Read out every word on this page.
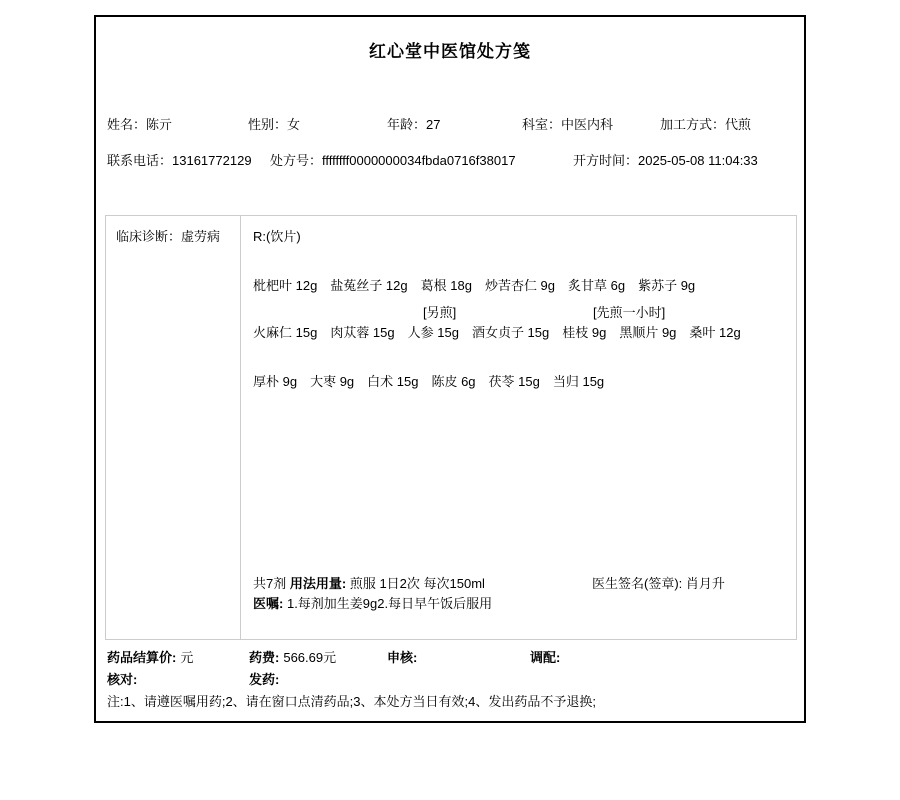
红心堂中医馆处方笺
姓名：陈亓	性别：女	年龄：27	科室：中医内科	加工方式：代煎
联系电话：13161772129 处方号：ffffffff0000000034fbda0716f38017	开方时间：2025-05-08 11:04:33
临床诊断：虚劳病	R:(饮片)
枇杷叶 12g 盐菟丝子 12g 葛根 18g 炒苦杏仁 9g 炙甘草 6g 紫苏子 9g
[另煎]	[先煎一小时]
火麻仁 15g 肉苁蓉 15g 人参 15g 酒女贞子 15g 桂枝 9g 黑顺片 9g 桑叶 12g
厚朴 9g 大枣 9g 白术 15g 陈皮 6g 茯苓 15g 当归 15g
共7剂 用法用量: 煎服 1日2次 每次150ml	医生签名(签章): 肖月升
医嘱: 1.每剂加生姜9g2.每日早午饭后服用
药品结算价: 元	药费: 566.69元	申核:	调配:
核对:	发药:
注:1、请遵医嘱用药;2、请在窗口点清药品;3、本处方当日有效;4、发出药品不予退换;
